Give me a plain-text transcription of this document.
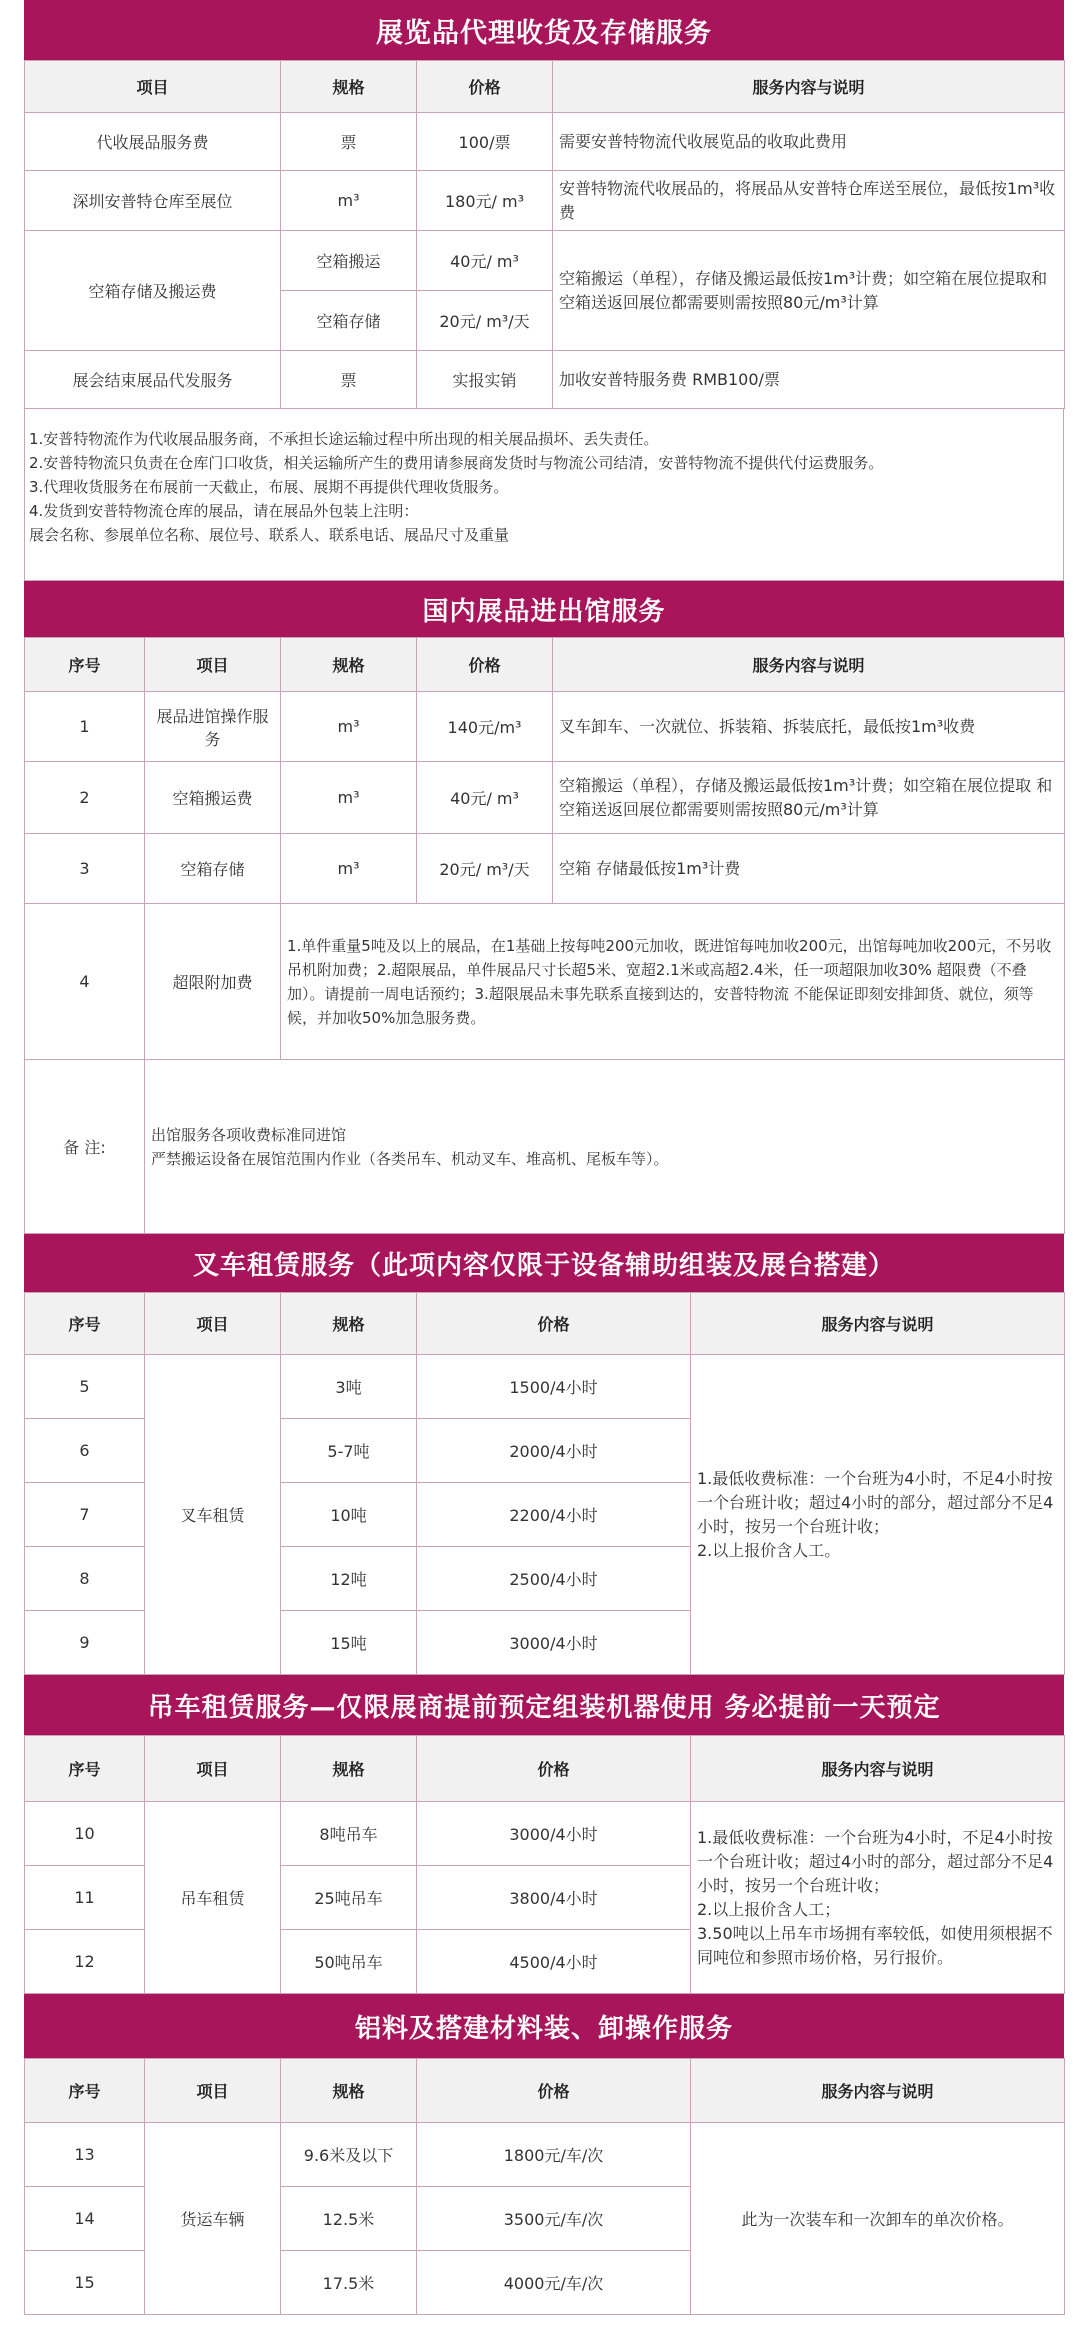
展览品代理收货及存储服务
项目	规格	价格	服务内容与说明
代收展品服务费	票	100/票	需要安普特物流代收展览品的收取此费用
深圳安普特仓库至展位	m³	180元/ m³	安普特物流代收展品的，将展品从安普特仓库送至展位，最低按1m³收费
空箱存储及搬运费	空箱搬运	40元/ m³	空箱搬运（单程），存储及搬运最低按1m³计费；如空箱在展位提取和空箱送返回展位都需要则需按照80元/m³计算
	空箱存储	20元/ m³/天	
展会结束展品代发服务	票	实报实销	加收安普特服务费 RMB100/票
1.安普特物流作为代收展品服务商，不承担长途运输过程中所出现的相关展品损坏、丢失责任。
2.安普特物流只负责在仓库门口收货，相关运输所产生的费用请参展商发货时与物流公司结清，安普特物流不提供代付运费服务。
3.代理收货服务在布展前一天截止，布展、展期不再提供代理收货服务。
4.发货到安普特物流仓库的展品，请在展品外包装上注明：
展会名称、参展单位名称、展位号、联系人、联系电话、展品尺寸及重量
国内展品进出馆服务
序号	项目	规格	价格	服务内容与说明
1	展品进馆操作服务	m³	140元/m³	叉车卸车、一次就位、拆装箱、拆装底托，最低按1m³收费
2	空箱搬运费	m³	40元/ m³	空箱搬运（单程），存储及搬运最低按1m³计费；如空箱在展位提取 和空箱送返回展位都需要则需按照80元/m³计算
3	空箱存储	m³	20元/ m³/天	空箱 存储最低按1m³计费
4	超限附加费	1.单件重量5吨及以上的展品，在1基础上按每吨200元加收，既进馆每吨加收200元，出馆每吨加收200元，不另收吊机附加费；2.超限展品，单件展品尺寸长超5米、宽超2.1米或高超2.4米，任一项超限加收30% 超限费（不叠加）。请提前一周电话预约；3.超限展品未事先联系直接到达的，安普特物流 不能保证即刻安排卸货、就位，须等候，并加收50%加急服务费。		
备 注:	出馆服务各项收费标准同进馆
严禁搬运设备在展馆范围内作业（各类吊车、机动叉车、堆高机、尾板车等）。			
叉车租赁服务（此项内容仅限于设备辅助组装及展台搭建）
序号	项目	规格	价格	服务内容与说明
5	叉车租赁	3吨	1500/4小时	1.最低收费标准：一个台班为4小时，不足4小时按一个台班计收；超过4小时的部分，超过部分不足4小时，按另一个台班计收；
2.以上报价含人工。

6		5-7吨	2000/4小时	
7		10吨	2200/4小时	
8		12吨	2500/4小时	
9		15吨	3000/4小时	
吊车租赁服务—仅限展商提前预定组装机器使用 务必提前一天预定
序号	项目	规格	价格	服务内容与说明
10	吊车租赁	8吨吊车	3000/4小时	1.最低收费标准：一个台班为4小时，不足4小时按一个台班计收；超过4小时的部分，超过部分不足4小时，按另一个台班计收；
2.以上报价含人工；
3.50吨以上吊车市场拥有率较低，如使用须根据不同吨位和参照市场价格，另行报价。

11		25吨吊车	3800/4小时	
12		50吨吊车	4500/4小时	
铝料及搭建材料装、卸操作服务
序号	项目	规格	价格	服务内容与说明
13	货运车辆	9.6米及以下	1800元/车/次	此为一次装车和一次卸车的单次价格。
14		12.5米	3500元/车/次	
15		17.5米	4000元/车/次	
